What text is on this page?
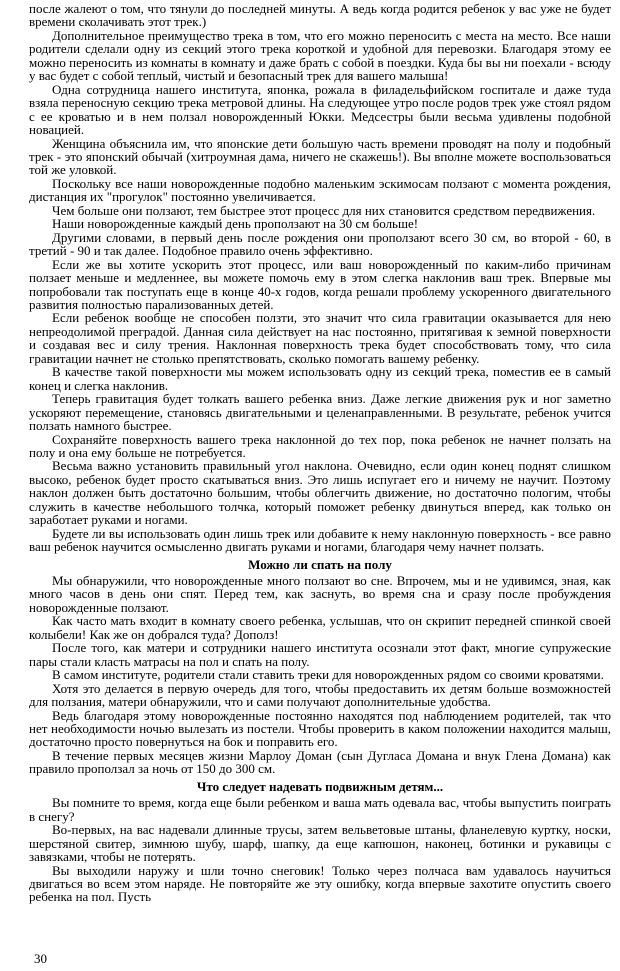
после жалеют о том, что тянули до последней минуты. А ведь когда родится ребенок у вас уже не будет времени сколачивать этот трек.)

Дополнительное преимущество трека в том, что его можно переносить с места на место. Все наши родители сделали одну из секций этого трека короткой и удобной для перевозки. Благодаря этому ее можно переносить из комнаты в комнату и даже брать с собой в поездки. Куда бы вы ни поехали - всюду у вас будет с собой теплый, чистый и безопасный трек для вашего малыша!

Одна сотрудница нашего института, японка, рожала в филадельфийском госпитале и даже туда взяла переносную секцию трека метровой длины. На следующее утро после родов трек уже стоял рядом с ее кроватью и в нем ползал новорожденный Юкки. Медсестры были весьма удивлены подобной новацией.

Женщина объяснила им, что японские дети большую часть времени проводят на полу и подобный трек - это японский обычай (хитроумная дама, ничего не скажешь!). Вы вполне можете воспользоваться той же уловкой.

Поскольку все наши новорожденные подобно маленьким эскимосам ползают с момента рождения, дистанция их "прогулок" постоянно увеличивается.

Чем больше они ползают, тем быстрее этот процесс для них становится средством передвижения.

Наши новорожденные каждый день проползают на 30 см больше!

Другими словами, в первый день после рождения они проползают всего 30 см, во второй - 60, в третий - 90 и так далее. Подобное правило очень эффективно.

Если же вы хотите ускорить этот процесс, или ваш новорожденный по каким-либо причинам ползает меньше и медленнее, вы можете помочь ему в этом слегка наклонив ваш трек. Впервые мы попробовали так поступать еще в конце 40-х годов, когда решали проблему ускоренного двигательного развития полностью парализованных детей.

Если ребенок вообще не способен ползти, это значит что сила гравитации оказывается для нею непреодолимой преградой. Данная сила действует на нас постоянно, притягивая к земной поверхности и создавая вес и силу трения. Наклонная поверхность трека будет способствовать тому, что сила гравитации начнет не столько препятствовать, сколько помогать вашему ребенку.

В качестве такой поверхности мы можем использовать одну из секций трека, поместив ее в самый конец и слегка наклонив.

Теперь гравитация будет толкать вашего ребенка вниз. Даже легкие движения рук и ног заметно ускоряют перемещение, становясь двигательными и целенаправленными. В результате, ребенок учится ползать намного быстрее.

Сохраняйте поверхность вашего трека наклонной до тех пор, пока ребенок не начнет ползать на полу и она ему больше не потребуется.

Весьма важно установить правильный угол наклона. Очевидно, если один конец поднят слишком высоко, ребенок будет просто скатываться вниз. Это лишь испугает его и ничему не научит. Поэтому наклон должен быть достаточно большим, чтобы облегчить движение, но достаточно пологим, чтобы служить в качестве небольшого толчка, который поможет ребенку двинуться вперед, как только он заработает руками и ногами.

Будете ли вы использовать один лишь трек или добавите к нему наклонную поверхность - все равно ваш ребенок научится осмысленно двигать руками и ногами, благодаря чему начнет ползать.

Можно ли спать на полу

Мы обнаружили, что новорожденные много ползают во сне. Впрочем, мы и не удивимся, зная, как много часов в день они спят. Перед тем, как заснуть, во время сна и сразу после пробуждения новорожденные ползают.

Как часто мать входит в комнату своего ребенка, услышав, что он скрипит передней спинкой своей колыбели! Как же он добрался туда? Дополз!

После того, как матери и сотрудники нашего института осознали этот факт, многие супружеские пары стали класть матрасы на пол и спать на полу.

В самом институте, родители стали ставить треки для новорожденных рядом со своими кроватями.

Хотя это делается в первую очередь для того, чтобы предоставить их детям больше возможностей для ползания, матери обнаружили, что и сами получают дополнительные удобства.

Ведь благодаря этому новорожденные постоянно находятся под наблюдением родителей, так что нет необходимости ночью вылезать из постели. Чтобы проверить в каком положении находится малыш, достаточно просто повернуться на бок и поправить его.

В течение первых месяцев жизни Марлоу Доман (сын Дугласа Домана и внук Глена Домана) как правило проползал за ночь от 150 до 300 см.

Что следует надевать подвижным детям...

Вы помните то время, когда еще были ребенком и ваша мать одевала вас, чтобы выпустить поиграть в снегу?

Во-первых, на вас надевали длинные трусы, затем вельветовые штаны, фланелевую куртку, носки, шерстяной свитер, зимнюю шубу, шарф, шапку, да еще капюшон, наконец, ботинки и рукавицы с завязками, чтобы не потерять.

Вы выходили наружу и шли точно снеговик! Только через полчаса вам удавалось научиться двигаться во всем этом наряде. Не повторяйте же эту ошибку, когда впервые захотите опустить своего ребенка на пол. Пусть

30
